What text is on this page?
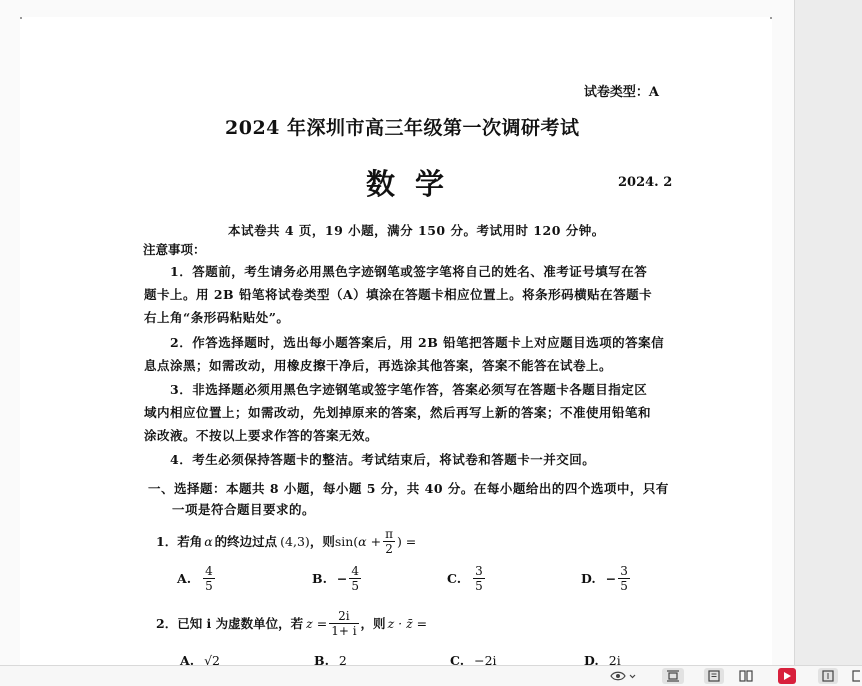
试卷类型：A
2024 年深圳市高三年级第一次调研考试
数学	2024. 2
本试卷共 4 页，19 小题，满分 150 分。考试用时 120 分钟。
注意事项：
1．答题前，考生请务必用黑色字迹钢笔或签字笔将自己的姓名、准考证号填写在答
题卡上。用 2B 铅笔将试卷类型（A）填涂在答题卡相应位置上。将条形码横贴在答题卡
右上角“条形码粘贴处”。
2．作答选择题时，选出每小题答案后，用 2B 铅笔把答题卡上对应题目选项的答案信
息点涂黑；如需改动，用橡皮擦干净后，再选涂其他答案，答案不能答在试卷上。
3．非选择题必须用黑色字迹钢笔或签字笔作答，答案必须写在答题卡各题目指定区
域内相应位置上；如需改动，先划掉原来的答案，然后再写上新的答案；不准使用铅笔和
涂改液。不按以上要求作答的答案无效。
4．考生必须保持答题卡的整洁。考试结束后，将试卷和答题卡一并交回。
一、选择题：本题共 8 小题，每小题 5 分，共 40 分。在每小题给出的四个选项中，只有
一项是符合题目要求的。
1．若角 α 的终边过点 (4,3) ，则 sin( $\alpha + \frac{\pi}{2}$ ) =
A. $\frac{4}{5}$	B. − $\frac{4}{5}$	C. $\frac{3}{5}$	D. − $\frac{3}{5}$
2．已知 i 为虚数单位，若 $z = \frac{2i}{1+ i}$ ，则 z · z̄ =
A. √2	B. 2	C. −2i	D. 2i
